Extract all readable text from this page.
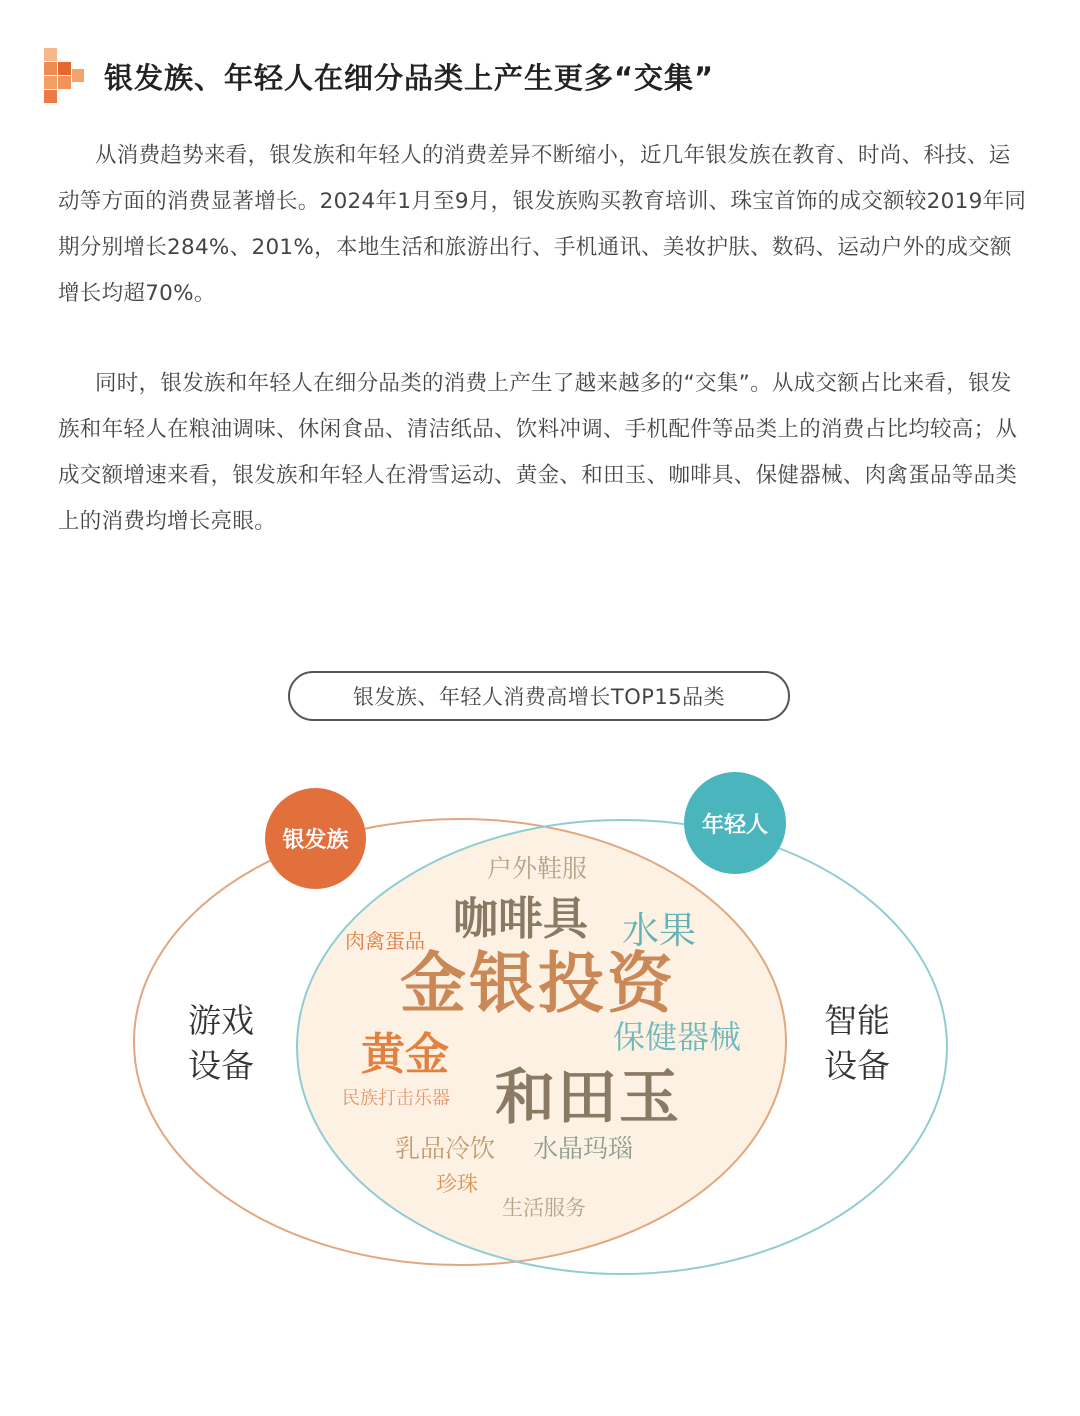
银发族、年轻人在细分品类上产生更多“交集”

从消费趋势来看，银发族和年轻人的消费差异不断缩小，近几年银发族在教育、时尚、科技、运动等方面的消费显著增长。2024年1月至9月，银发族购买教育培训、珠宝首饰的成交额较2019年同期分别增长284%、201%，本地生活和旅游出行、手机通讯、美妆护肤、数码、运动户外的成交额增长均超70%。

同时，银发族和年轻人在细分品类的消费上产生了越来越多的“交集”。从成交额占比来看，银发族和年轻人在粮油调味、休闲食品、清洁纸品、饮料冲调、手机配件等品类上的消费占比均较高；从成交额增速来看，银发族和年轻人在滑雪运动、黄金、和田玉、咖啡具、保健器械、肉禽蛋品等品类上的消费均增长亮眼。

银发族、年轻人消费高增长TOP15品类
银发族
年轻人
游戏
设备
智能
设备
户外鞋服
咖啡具 水果
肉禽蛋品
金银投资
黄金	保健器械
民族打击乐器 和田玉
乳品冷饮 水晶玛瑙
珍珠
生活服务
